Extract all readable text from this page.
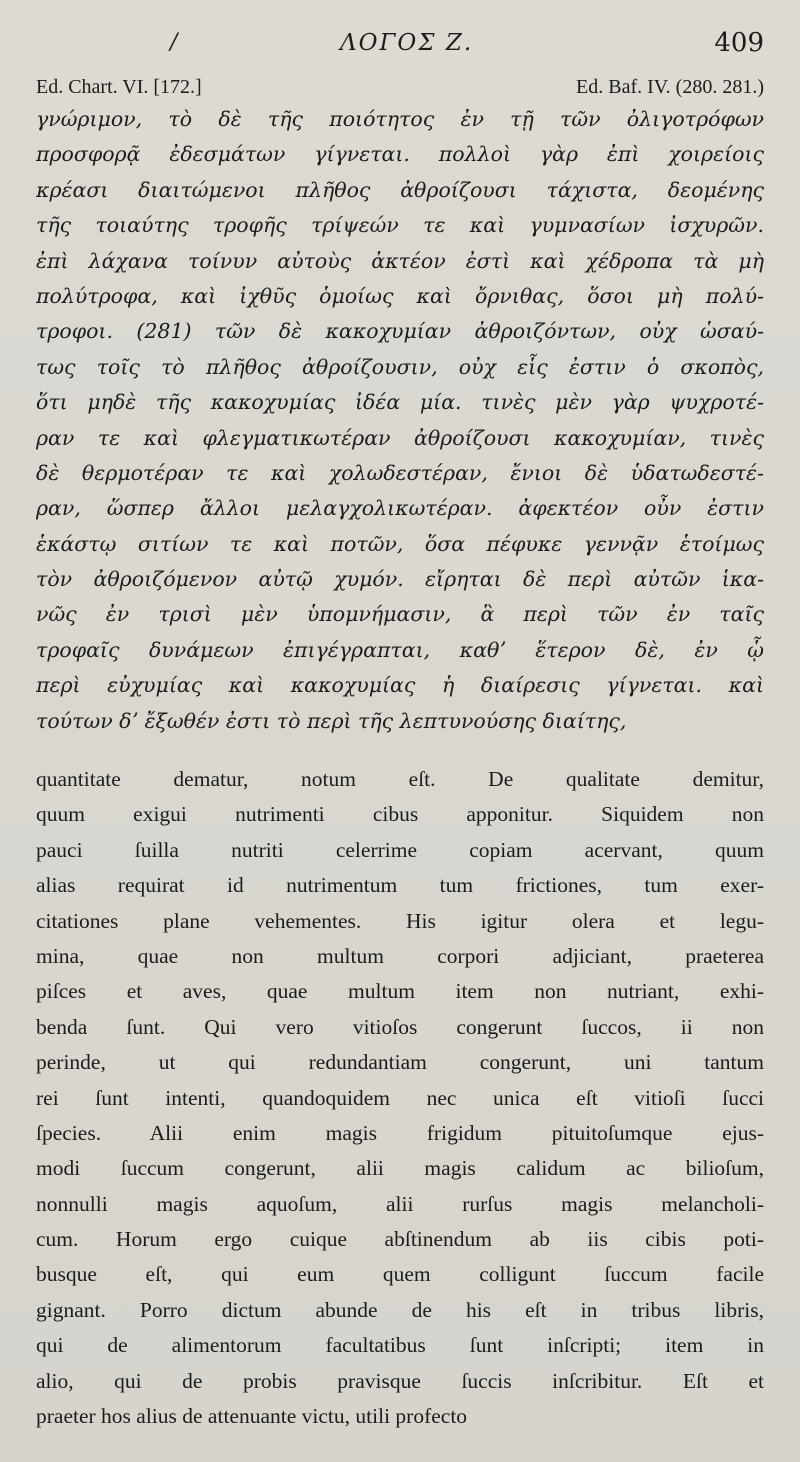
/	ΛΟΓΟΣ Ζ.	409
Ed. Chart. VI. [172.]	Ed. Baf. IV. (280. 281.)
γνώριμον, τὸ δὲ τῆς ποιότητος ἐν τῇ τῶν ὀλιγοτρόφων
προσφορᾷ ἐδεσμάτων γίγνεται. πολλοὶ γὰρ ἐπὶ χοιρείοις
κρέασι διαιτώμενοι πλῆθος ἀθροίζουσι τάχιστα, δεομένης
τῆς τοιαύτης τροφῆς τρίψεών τε καὶ γυμνασίων ἰσχυρῶν.
ἐπὶ λάχανα τοίνυν αὐτοὺς ἀκτέον ἐστὶ καὶ χέδροπα τὰ μὴ
πολύτροφα, καὶ ἰχθῦς ὁμοίως καὶ ὄρνιθας, ὅσοι μὴ πολύ-
τροφοι. (281) τῶν δὲ κακοχυμίαν ἀθροιζόντων, οὐχ ὡσαύ-
τως τοῖς τὸ πλῆθος ἀθροίζουσιν, οὐχ εἷς ἐστιν ὁ σκοπὸς,
ὅτι μηδὲ τῆς κακοχυμίας ἰδέα μία. τινὲς μὲν γὰρ ψυχροτέ-
ραν τε καὶ φλεγματικωτέραν ἀθροίζουσι κακοχυμίαν, τινὲς
δὲ θερμοτέραν τε καὶ χολωδεστέραν, ἔνιοι δὲ ὑδατωδεστέ-
ραν, ὥσπερ ἄλλοι μελαγχολικωτέραν. ἀφεκτέον οὖν ἐστιν
ἑκάστῳ σιτίων τε καὶ ποτῶν, ὅσα πέφυκε γεννᾷν ἑτοίμως
τὸν ἀθροιζόμενον αὐτῷ χυμόν. εἴρηται δὲ περὶ αὐτῶν ἱκα-
νῶς ἐν τρισὶ μὲν ὑπομνήμασιν, ἃ περὶ τῶν ἐν ταῖς
τροφαῖς δυνάμεων ἐπιγέγραπται, καθʼ ἕτερον δὲ, ἐν ᾧ
περὶ εὐχυμίας καὶ κακοχυμίας ἡ διαίρεσις γίγνεται. καὶ
τούτων δʼ ἔξωθέν ἐστι τὸ περὶ τῆς λεπτυνούσης διαίτης,
quantitate dematur, notum eſt. De qualitate demitur,
quum exigui nutrimenti cibus apponitur. Siquidem non
pauci ſuilla nutriti celerrime copiam acervant, quum
alias requirat id nutrimentum tum frictiones, tum exer-
citationes plane vehementes. His igitur olera et legu-
mina, quae non multum corpori adjiciant, praeterea
piſces et aves, quae multum item non nutriant, exhi-
benda ſunt. Qui vero vitioſos congerunt ſuccos, ii non
perinde, ut qui redundantiam congerunt, uni tantum
rei ſunt intenti, quandoquidem nec unica eſt vitioſi ſucci
ſpecies. Alii enim magis frigidum pituitoſumque ejus-
modi ſuccum congerunt, alii magis calidum ac bilioſum,
nonnulli magis aquoſum, alii rurſus magis melancholi-
cum. Horum ergo cuique abſtinendum ab iis cibis poti-
busque eſt, qui eum quem colligunt ſuccum facile
gignant. Porro dictum abunde de his eſt in tribus libris,
qui de alimentorum facultatibus ſunt inſcripti; item in
alio, qui de probis pravisque ſuccis inſcribitur. Eſt et
praeter hos alius de attenuante victu, utili profecto
